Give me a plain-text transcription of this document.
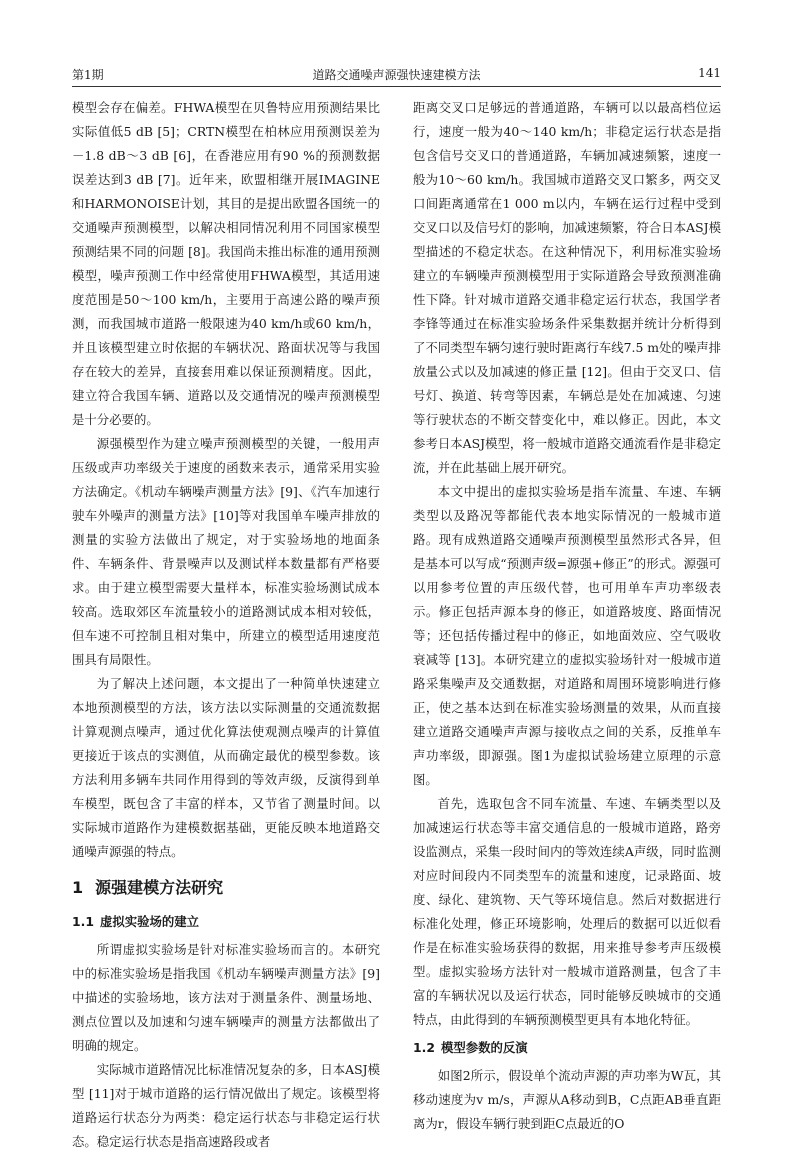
第1期	道路交通噪声源强快速建模方法	141

模型会存在偏差。FHWA模型在贝鲁特应用预测结果比实际值低5 dB [5]；CRTN模型在柏林应用预测误差为－1.8 dB～3 dB [6]，在香港应用有90 %的预测数据误差达到3 dB [7]。近年来，欧盟相继开展IMAGINE和HARMONOISE计划，其目的是提出欧盟各国统一的交通噪声预测模型，以解决相同情况利用不同国家模型预测结果不同的问题 [8]。我国尚未推出标准的通用预测模型，噪声预测工作中经常使用FHWA模型，其适用速度范围是50～100 km/h，主要用于高速公路的噪声预测，而我国城市道路一般限速为40 km/h或60 km/h，并且该模型建立时依据的车辆状况、路面状况等与我国存在较大的差异，直接套用难以保证预测精度。因此，建立符合我国车辆、道路以及交通情况的噪声预测模型是十分必要的。

源强模型作为建立噪声预测模型的关键，一般用声压级或声功率级关于速度的函数来表示，通常采用实验方法确定。《机动车辆噪声测量方法》[9]、《汽车加速行驶车外噪声的测量方法》[10]等对我国单车噪声排放的测量的实验方法做出了规定，对于实验场地的地面条件、车辆条件、背景噪声以及测试样本数量都有严格要求。由于建立模型需要大量样本，标准实验场测试成本较高。选取郊区车流量较小的道路测试成本相对较低，但车速不可控制且相对集中，所建立的模型适用速度范围具有局限性。

为了解决上述问题，本文提出了一种简单快速建立本地预测模型的方法，该方法以实际测量的交通流数据计算观测点噪声，通过优化算法使观测点噪声的计算值更接近于该点的实测值，从而确定最优的模型参数。该方法利用多辆车共同作用得到的等效声级，反演得到单车模型，既包含了丰富的样本，又节省了测量时间。以实际城市道路作为建模数据基础，更能反映本地道路交通噪声源强的特点。

1 源强建模方法研究
1.1 虚拟实验场的建立

所谓虚拟实验场是针对标准实验场而言的。本研究中的标准实验场是指我国《机动车辆噪声测量方法》[9]中描述的实验场地，该方法对于测量条件、测量场地、测点位置以及加速和匀速车辆噪声的测量方法都做出了明确的规定。

实际城市道路情况比标准情况复杂的多，日本ASJ模型 [11]对于城市道路的运行情况做出了规定。该模型将道路运行状态分为两类：稳定运行状态与非稳定运行状态。稳定运行状态是指高速路段或者

距离交叉口足够远的普通道路，车辆可以以最高档位运行，速度一般为40～140 km/h；非稳定运行状态是指包含信号交叉口的普通道路，车辆加减速频繁，速度一般为10～60 km/h。我国城市道路交叉口繁多，两交叉口间距离通常在1 000 m以内，车辆在运行过程中受到交叉口以及信号灯的影响，加减速频繁，符合日本ASJ模型描述的不稳定状态。在这种情况下，利用标准实验场建立的车辆噪声预测模型用于实际道路会导致预测准确性下降。针对城市道路交通非稳定运行状态，我国学者李锋等通过在标准实验场条件采集数据并统计分析得到了不同类型车辆匀速行驶时距离行车线7.5 m处的噪声排放量公式以及加减速的修正量 [12]。但由于交叉口、信号灯、换道、转弯等因素，车辆总是处在加减速、匀速等行驶状态的不断交替变化中，难以修正。因此，本文参考日本ASJ模型，将一般城市道路交通流看作是非稳定流，并在此基础上展开研究。

本文中提出的虚拟实验场是指车流量、车速、车辆类型以及路况等都能代表本地实际情况的一般城市道路。现有成熟道路交通噪声预测模型虽然形式各异，但是基本可以写成“预测声级=源强+修正”的形式。源强可以用参考位置的声压级代替，也可用单车声功率级表示。修正包括声源本身的修正，如道路坡度、路面情况等；还包括传播过程中的修正，如地面效应、空气吸收衰减等 [13]。本研究建立的虚拟实验场针对一般城市道路采集噪声及交通数据，对道路和周围环境影响进行修正，使之基本达到在标准实验场测量的效果，从而直接建立道路交通噪声声源与接收点之间的关系，反推单车声功率级，即源强。图1为虚拟试验场建立原理的示意图。

首先，选取包含不同车流量、车速、车辆类型以及加减速运行状态等丰富交通信息的一般城市道路，路旁设监测点，采集一段时间内的等效连续A声级，同时监测对应时间段内不同类型车的流量和速度，记录路面、坡度、绿化、建筑物、天气等环境信息。然后对数据进行标准化处理，修正环境影响，处理后的数据可以近似看作是在标准实验场获得的数据，用来推导参考声压级模型。虚拟实验场方法针对一般城市道路测量，包含了丰富的车辆状况以及运行状态，同时能够反映城市的交通特点，由此得到的车辆预测模型更具有本地化特征。

1.2 模型参数的反演

如图2所示，假设单个流动声源的声功率为W瓦，其移动速度为v m/s，声源从A移动到B，C点距AB垂直距离为r，假设车辆行驶到距C点最近的O
